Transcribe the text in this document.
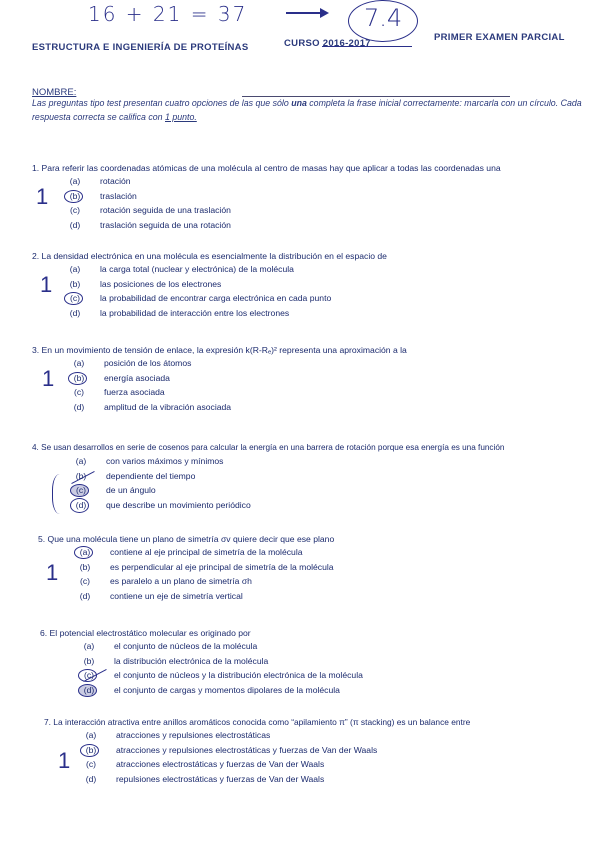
16 + 21 = 37	7.4
ESTRUCTURA E INGENIERÍA DE PROTEÍNAS	CURSO 2016-2017
PRIMER EXAMEN PARCIAL
NOMBRE:
Las preguntas tipo test presentan cuatro opciones de las que sólo una completa la frase inicial correctamente: marcarla con un círculo. Cada respuesta correcta se califica con 1 punto.
1. Para referir las coordenadas atómicas de una molécula al centro de masas hay que aplicar a todas las coordenadas una
(a)	rotación
(b)	traslación
(c)	rotación seguida de una traslación
(d)	traslación seguida de una rotación
1
2. La densidad electrónica en una molécula es esencialmente la distribución en el espacio de
(a)	la carga total (nuclear y electrónica) de la molécula
(b)	las posiciones de los electrones
(c)	la probabilidad de encontrar carga electrónica en cada punto
(d)	la probabilidad de interacción entre los electrones
1
3. En un movimiento de tensión de enlace, la expresión k(R-Rₑ)² representa una aproximación a la
(a)	posición de los átomos
(b)	energía asociada
(c)	fuerza asociada
(d)	amplitud de la vibración asociada
1
4. Se usan desarrollos en serie de cosenos para calcular la energía en una barrera de rotación porque esa energía es una función
(a)	con varios máximos y mínimos
(b)	dependiente del tiempo
(c)	de un ángulo
(d)	que describe un movimiento periódico
5. Que una molécula tiene un plano de simetría σv quiere decir que ese plano
(a)	contiene al eje principal de simetría de la molécula
(b)	es perpendicular al eje principal de simetría de la molécula
(c)	es paralelo a un plano de simetría σh
(d)	contiene un eje de simetría vertical
1
6. El potencial electrostático molecular es originado por
(a)	el conjunto de núcleos de la molécula
(b)	la distribución electrónica de la molécula
(c)	el conjunto de núcleos y la distribución electrónica de la molécula
(d)	el conjunto de cargas y momentos dipolares de la molécula
7. La interacción atractiva entre anillos aromáticos conocida como “apilamiento π” (π stacking) es un balance entre
(a)	atracciones y repulsiones electrostáticas
(b)	atracciones y repulsiones electrostáticas y fuerzas de Van der Waals
(c)	atracciones electrostáticas y fuerzas de Van der Waals
(d)	repulsiones electrostáticas y fuerzas de Van der Waals
1
